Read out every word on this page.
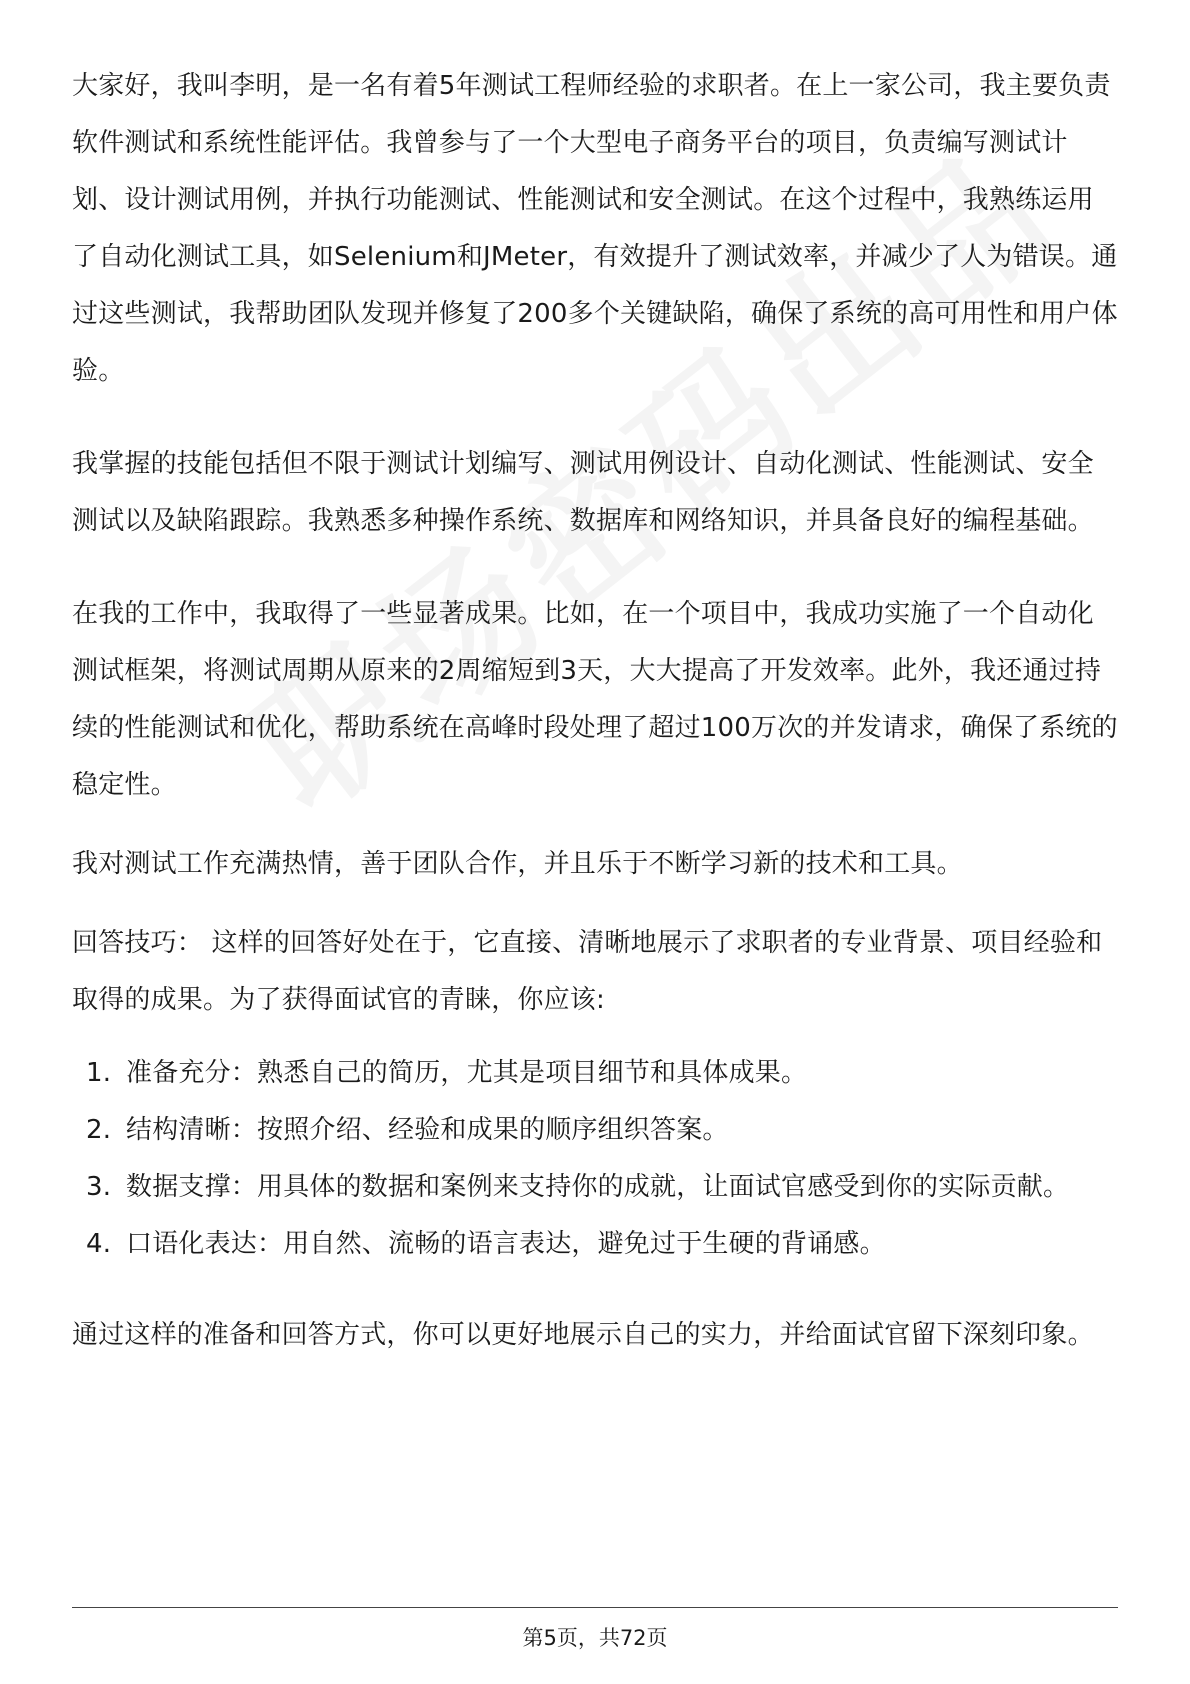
大家好，我叫李明，是一名有着5年测试工程师经验的求职者。在上一家公司，我主要负责软件测试和系统性能评估。我曾参与了一个大型电子商务平台的项目，负责编写测试计划、设计测试用例，并执行功能测试、性能测试和安全测试。在这个过程中，我熟练运用了自动化测试工具，如Selenium和JMeter，有效提升了测试效率，并减少了人为错误。通过这些测试，我帮助团队发现并修复了200多个关键缺陷，确保了系统的高可用性和用户体验。

我掌握的技能包括但不限于测试计划编写、测试用例设计、自动化测试、性能测试、安全测试以及缺陷跟踪。我熟悉多种操作系统、数据库和网络知识，并具备良好的编程基础。

在我的工作中，我取得了一些显著成果。比如，在一个项目中，我成功实施了一个自动化测试框架，将测试周期从原来的2周缩短到3天，大大提高了开发效率。此外，我还通过持续的性能测试和优化，帮助系统在高峰时段处理了超过100万次的并发请求，确保了系统的稳定性。

我对测试工作充满热情，善于团队合作，并且乐于不断学习新的技术和工具。

回答技巧： 这样的回答好处在于，它直接、清晰地展示了求职者的专业背景、项目经验和取得的成果。为了获得面试官的青睐，你应该:

1. 准备充分：熟悉自己的简历，尤其是项目细节和具体成果。
2. 结构清晰：按照介绍、经验和成果的顺序组织答案。
3. 数据支撑：用具体的数据和案例来支持你的成就，让面试官感受到你的实际贡献。
4. 口语化表达：用自然、流畅的语言表达，避免过于生硬的背诵感。

通过这样的准备和回答方式，你可以更好地展示自己的实力，并给面试官留下深刻印象。

第5页，共72页
